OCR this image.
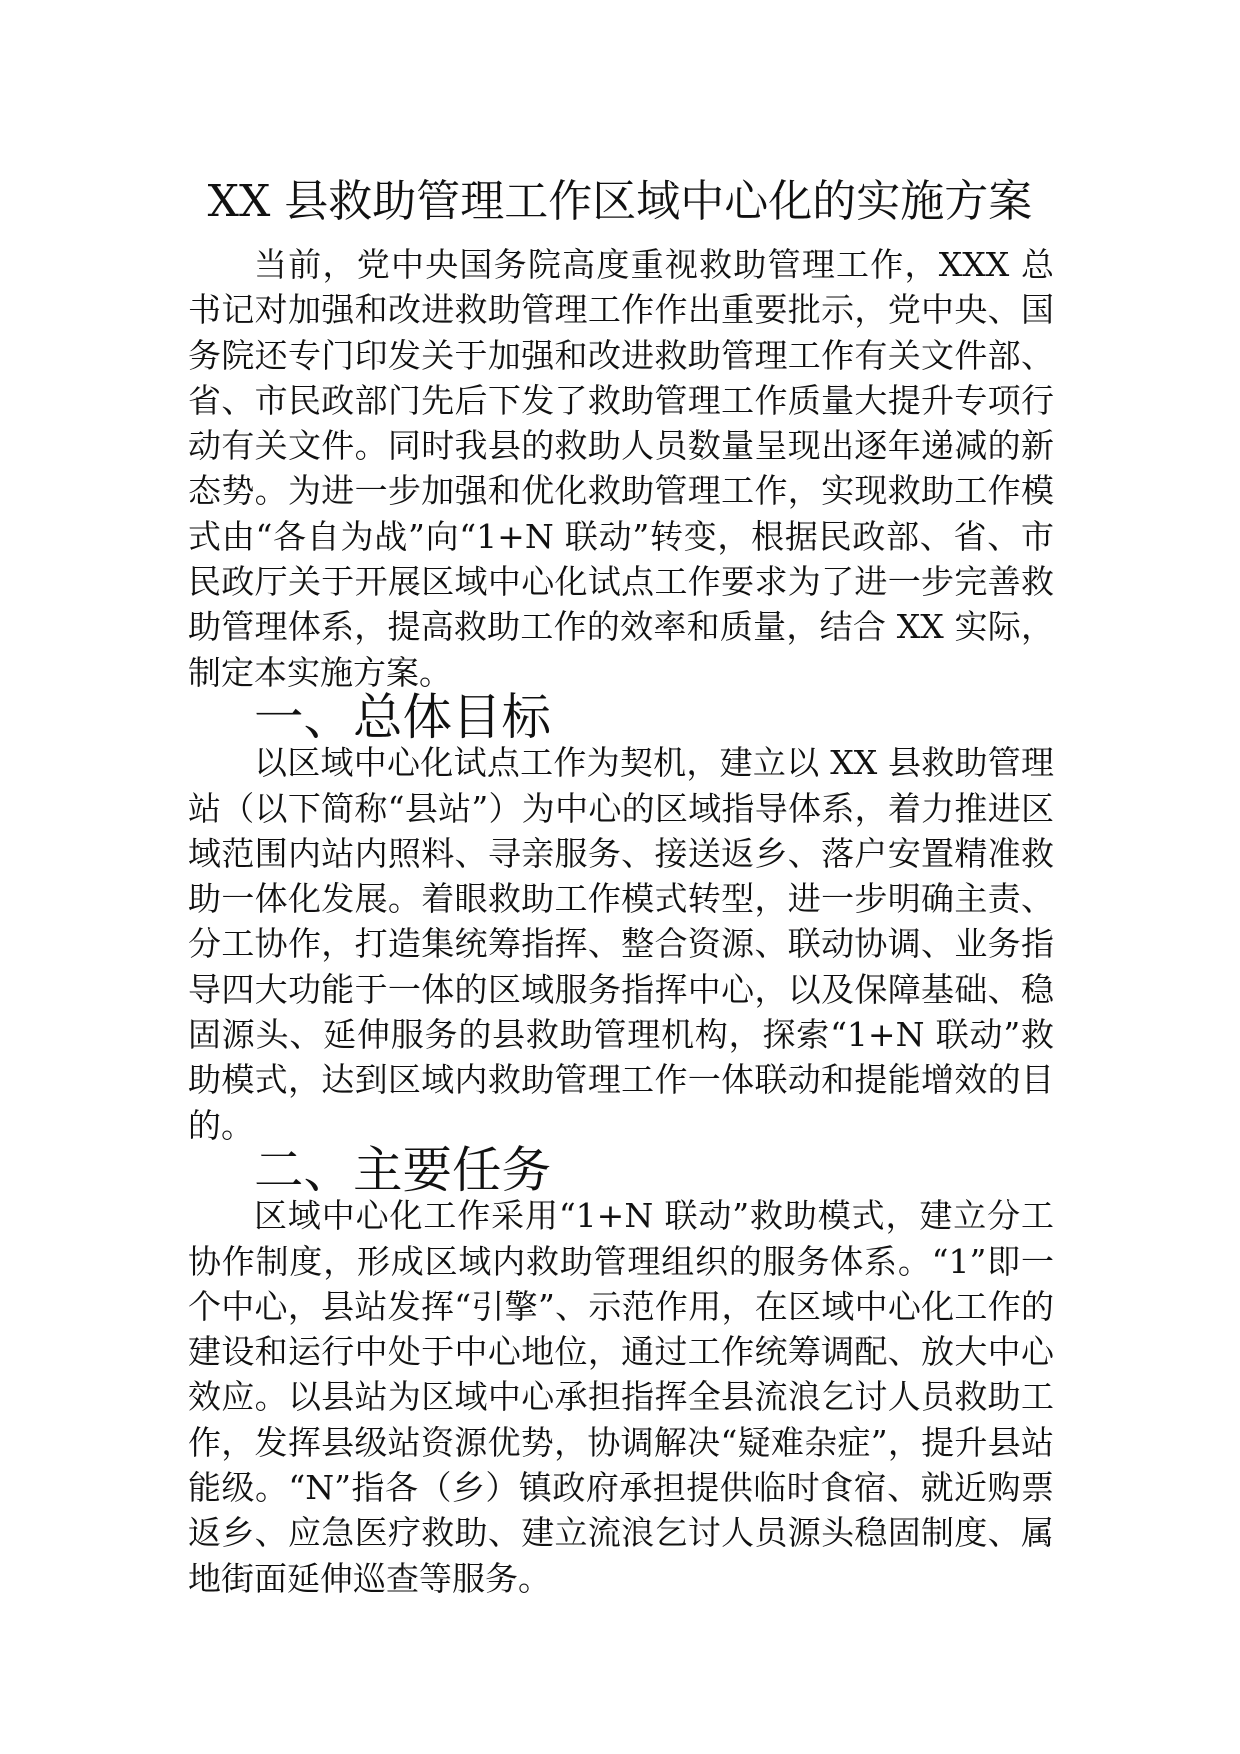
XX 县救助管理工作区域中心化的实施方案

当前，党中央国务院高度重视救助管理工作，XXX 总书记对加强和改进救助管理工作作出重要批示，党中央、国务院还专门印发关于加强和改进救助管理工作有关文件部、省、市民政部门先后下发了救助管理工作质量大提升专项行动有关文件。同时我县的救助人员数量呈现出逐年递减的新态势。为进一步加强和优化救助管理工作，实现救助工作模式由“各自为战”向“1+N 联动”转变，根据民政部、省、市民政厅关于开展区域中心化试点工作要求为了进一步完善救助管理体系，提高救助工作的效率和质量，结合 XX 实际，制定本实施方案。

一、总体目标

以区域中心化试点工作为契机，建立以 XX 县救助管理站（以下简称“县站”）为中心的区域指导体系，着力推进区域范围内站内照料、寻亲服务、接送返乡、落户安置精准救助一体化发展。着眼救助工作模式转型，进一步明确主责、分工协作，打造集统筹指挥、整合资源、联动协调、业务指导四大功能于一体的区域服务指挥中心，以及保障基础、稳固源头、延伸服务的县救助管理机构，探索“1+N 联动”救助模式，达到区域内救助管理工作一体联动和提能增效的目的。

二、主要任务

区域中心化工作采用“1+N 联动”救助模式，建立分工协作制度，形成区域内救助管理组织的服务体系。“1”即一个中心，县站发挥“引擎”、示范作用，在区域中心化工作的建设和运行中处于中心地位，通过工作统筹调配、放大中心效应。以县站为区域中心承担指挥全县流浪乞讨人员救助工作，发挥县级站资源优势，协调解决“疑难杂症”，提升县站能级。“N”指各（乡）镇政府承担提供临时食宿、就近购票返乡、应急医疗救助、建立流浪乞讨人员源头稳固制度、属地街面延伸巡查等服务。
